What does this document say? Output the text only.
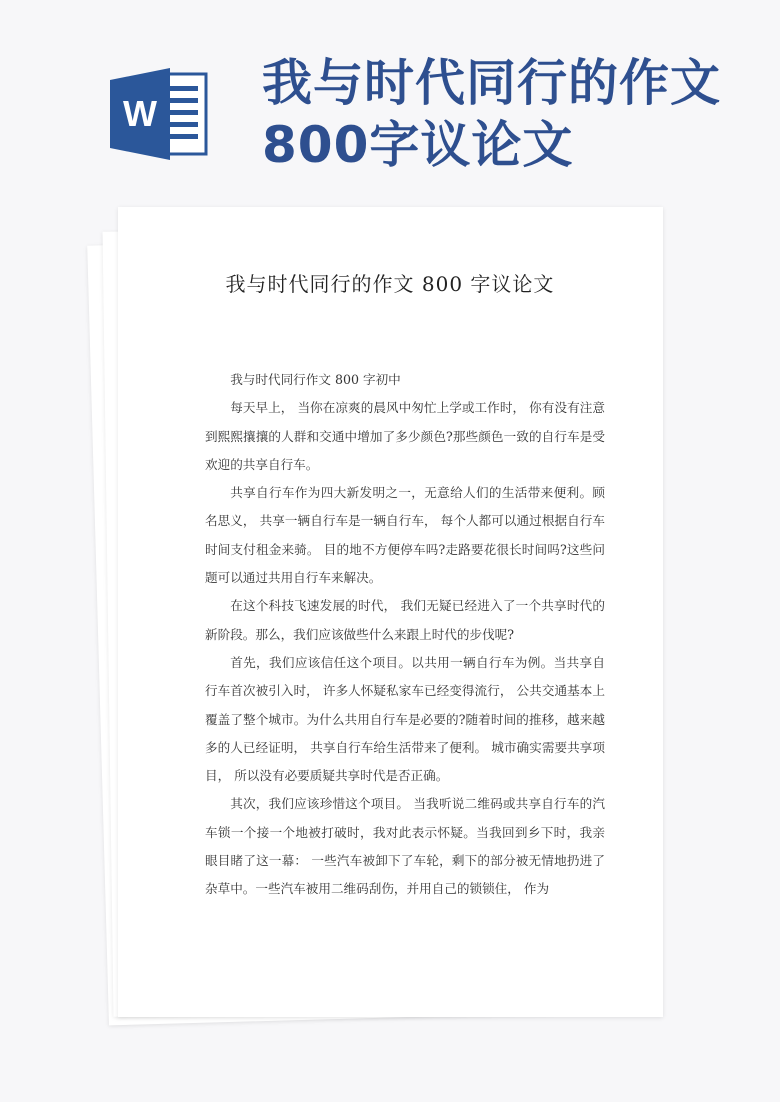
W
我与时代同行的作文800字议论文
我与时代同行的作文 800 字议论文

我与时代同行作文 800 字初中

每天早上， 当你在凉爽的晨风中匆忙上学或工作时， 你有没有注意到熙熙攘攘的人群和交通中增加了多少颜色?那些颜色一致的自行车是受欢迎的共享自行车。

共享自行车作为四大新发明之一，无意给人们的生活带来便利。顾名思义， 共享一辆自行车是一辆自行车， 每个人都可以通过根据自行车时间支付租金来骑。 目的地不方便停车吗?走路要花很长时间吗?这些问题可以通过共用自行车来解决。

在这个科技飞速发展的时代， 我们无疑已经进入了一个共享时代的新阶段。那么，我们应该做些什么来跟上时代的步伐呢?

首先，我们应该信任这个项目。以共用一辆自行车为例。当共享自行车首次被引入时， 许多人怀疑私家车已经变得流行， 公共交通基本上覆盖了整个城市。为什么共用自行车是必要的?随着时间的推移，越来越多的人已经证明， 共享自行车给生活带来了便利。 城市确实需要共享项目， 所以没有必要质疑共享时代是否正确。

其次，我们应该珍惜这个项目。 当我听说二维码或共享自行车的汽车锁一个接一个地被打破时，我对此表示怀疑。当我回到乡下时，我亲眼目睹了这一幕： 一些汽车被卸下了车轮，剩下的部分被无情地扔进了杂草中。一些汽车被用二维码刮伤，并用自己的锁锁住， 作为
